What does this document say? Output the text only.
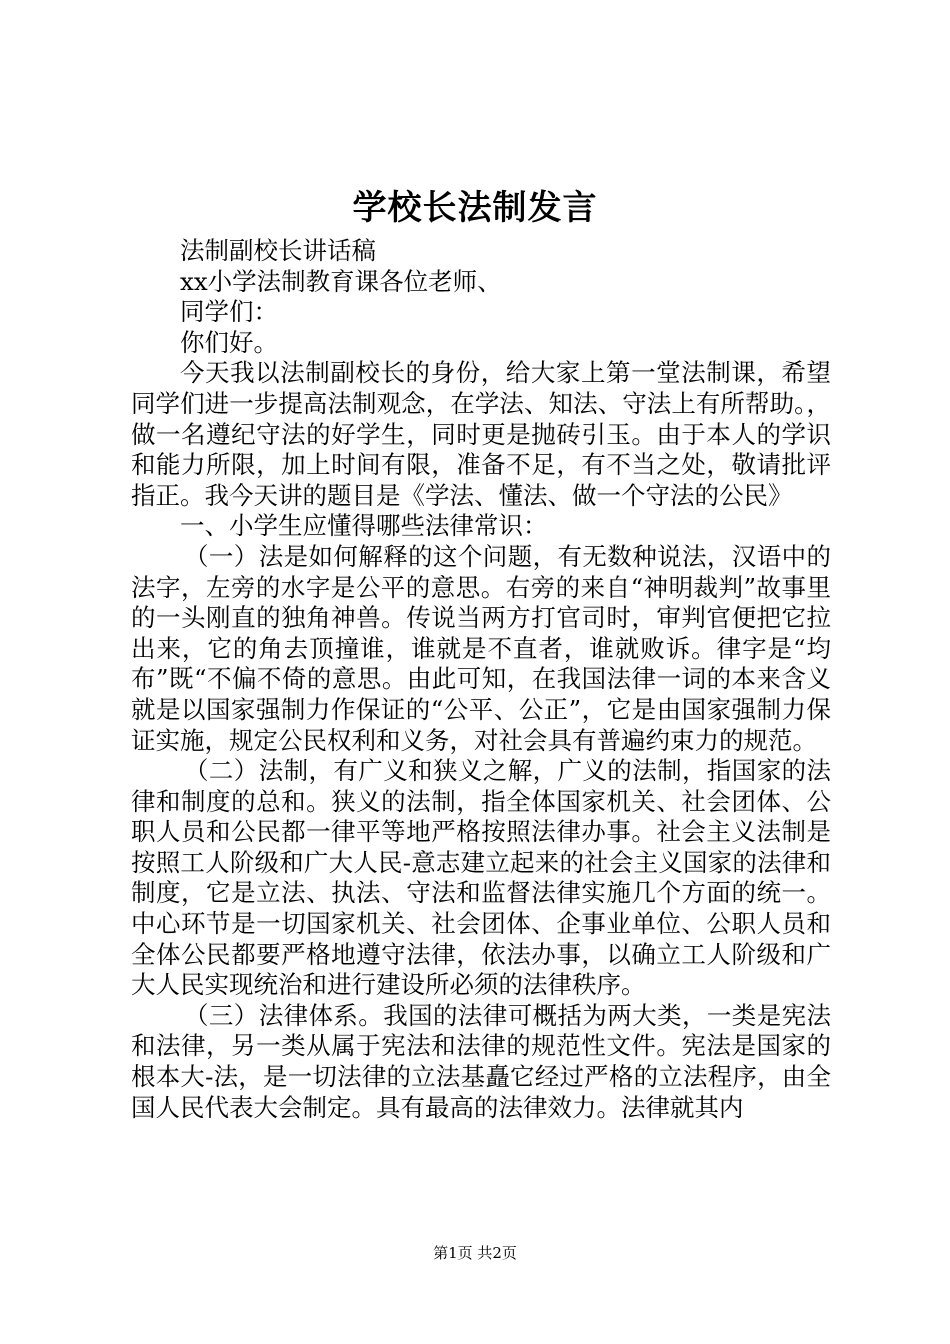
学校长法制发言

法制副校长讲话稿

xx小学法制教育课各位老师、

同学们：

你们好。

今天我以法制副校长的身份，给大家上第一堂法制课，希望同学们进一步提高法制观念，在学法、知法、守法上有所帮助。，做一名遵纪守法的好学生，同时更是抛砖引玉。由于本人的学识和能力所限，加上时间有限，准备不足，有不当之处，敬请批评指正。我今天讲的题目是《学法、懂法、做一个守法的公民》

一、小学生应懂得哪些法律常识：

（一）法是如何解释的这个问题，有无数种说法，汉语中的法字，左旁的水字是公平的意思。右旁的来自“神明裁判”故事里的一头刚直的独角神兽。传说当两方打官司时，审判官便把它拉出来，它的角去顶撞谁，谁就是不直者，谁就败诉。律字是“均布”既“不偏不倚的意思。由此可知，在我国法律一词的本来含义就是以国家强制力作保证的“公平、公正”，它是由国家强制力保证实施，规定公民权利和义务，对社会具有普遍约束力的规范。

（二）法制，有广义和狭义之解，广义的法制，指国家的法律和制度的总和。狭义的法制，指全体国家机关、社会团体、公职人员和公民都一律平等地严格按照法律办事。社会主义法制是按照工人阶级和广大人民-意志建立起来的社会主义国家的法律和制度，它是立法、执法、守法和监督法律实施几个方面的统一。中心环节是一切国家机关、社会团体、企事业单位、公职人员和全体公民都要严格地遵守法律，依法办事，以确立工人阶级和广大人民实现统治和进行建设所必须的法律秩序。

（三）法律体系。我国的法律可概括为两大类，一类是宪法和法律，另一类从属于宪法和法律的规范性文件。宪法是国家的根本大-法，是一切法律的立法基矗它经过严格的立法程序，由全国人民代表大会制定。具有最高的法律效力。法律就其内

第1页 共2页
